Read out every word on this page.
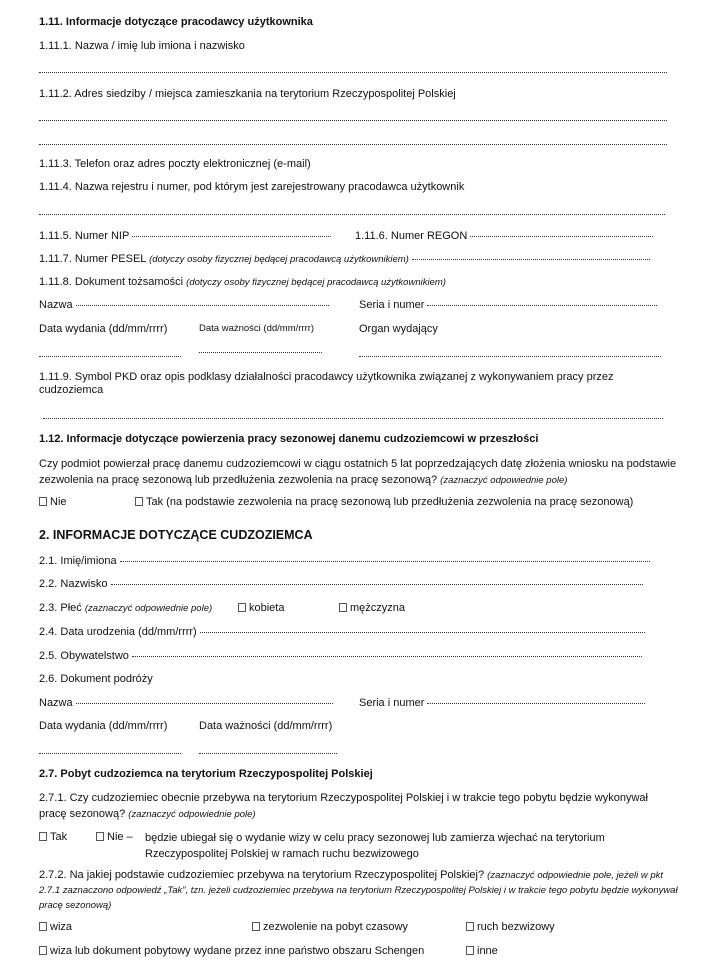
1.11. Informacje dotyczące pracodawcy użytkownika
1.11.1. Nazwa / imię lub imiona i nazwisko
1.11.2. Adres siedziby / miejsca zamieszkania na terytorium Rzeczypospolitej Polskiej
1.11.3. Telefon oraz adres poczty elektronicznej (e-mail)
1.11.4. Nazwa rejestru i numer, pod którym jest zarejestrowany pracodawca użytkownik
1.11.5. Numer NIP	1.11.6. Numer REGON
1.11.7. Numer PESEL (dotyczy osoby fizycznej będącej pracodawcą użytkownikiem)
1.11.8. Dokument tożsamości (dotyczy osoby fizycznej będącej pracodawcą użytkownikiem)
Nazwa	Seria i numer
Data wydania (dd/mm/rrrr)	Data ważności (dd/mm/rrrr)	Organ wydający
1.11.9. Symbol PKD oraz opis podklasy działalności pracodawcy użytkownika związanej z wykonywaniem pracy przez cudzoziemca
1.12. Informacje dotyczące powierzenia pracy sezonowej danemu cudzoziemcowi w przeszłości
Czy podmiot powierzał pracę danemu cudzoziemcowi w ciągu ostatnich 5 lat poprzedzających datę złożenia wniosku na podstawie zezwolenia na pracę sezonową lub przedłużenia zezwolenia na pracę sezonową? (zaznaczyć odpowiednie pole)
Nie	Tak (na podstawie zezwolenia na pracę sezonową lub przedłużenia zezwolenia na pracę sezonową)
2. INFORMACJE DOTYCZĄCE CUDZOZIEMCA
2.1. Imię/imiona
2.2. Nazwisko
2.3. Płeć (zaznaczyć odpowiednie pole)	kobieta	mężczyzna
2.4. Data urodzenia (dd/mm/rrrr)
2.5. Obywatelstwo
2.6. Dokument podróży
Nazwa	Seria i numer
Data wydania (dd/mm/rrrr)	Data ważności (dd/mm/rrrr)
2.7. Pobyt cudzoziemca na terytorium Rzeczypospolitej Polskiej
2.7.1. Czy cudzoziemiec obecnie przebywa na terytorium Rzeczypospolitej Polskiej i w trakcie tego pobytu będzie wykonywał pracę sezonową? (zaznaczyć odpowiednie pole)
Tak	Nie – będzie ubiegał się o wydanie wizy w celu pracy sezonowej lub zamierza wjechać na terytorium Rzeczypospolitej Polskiej w ramach ruchu bezwizowego
2.7.2. Na jakiej podstawie cudzoziemiec przebywa na terytorium Rzeczypospolitej Polskiej? (zaznaczyć odpowiednie pole, jeżeli w pkt 2.7.1 zaznaczono odpowiedź „Tak”, tzn. jeżeli cudzoziemiec przebywa na terytorium Rzeczypospolitej Polskiej i w trakcie tego pobytu będzie wykonywał pracę sezonową)
wiza	zezwolenie na pobyt czasowy	ruch bezwizowy
wiza lub dokument pobytowy wydane przez inne państwo obszaru Schengen	inne
